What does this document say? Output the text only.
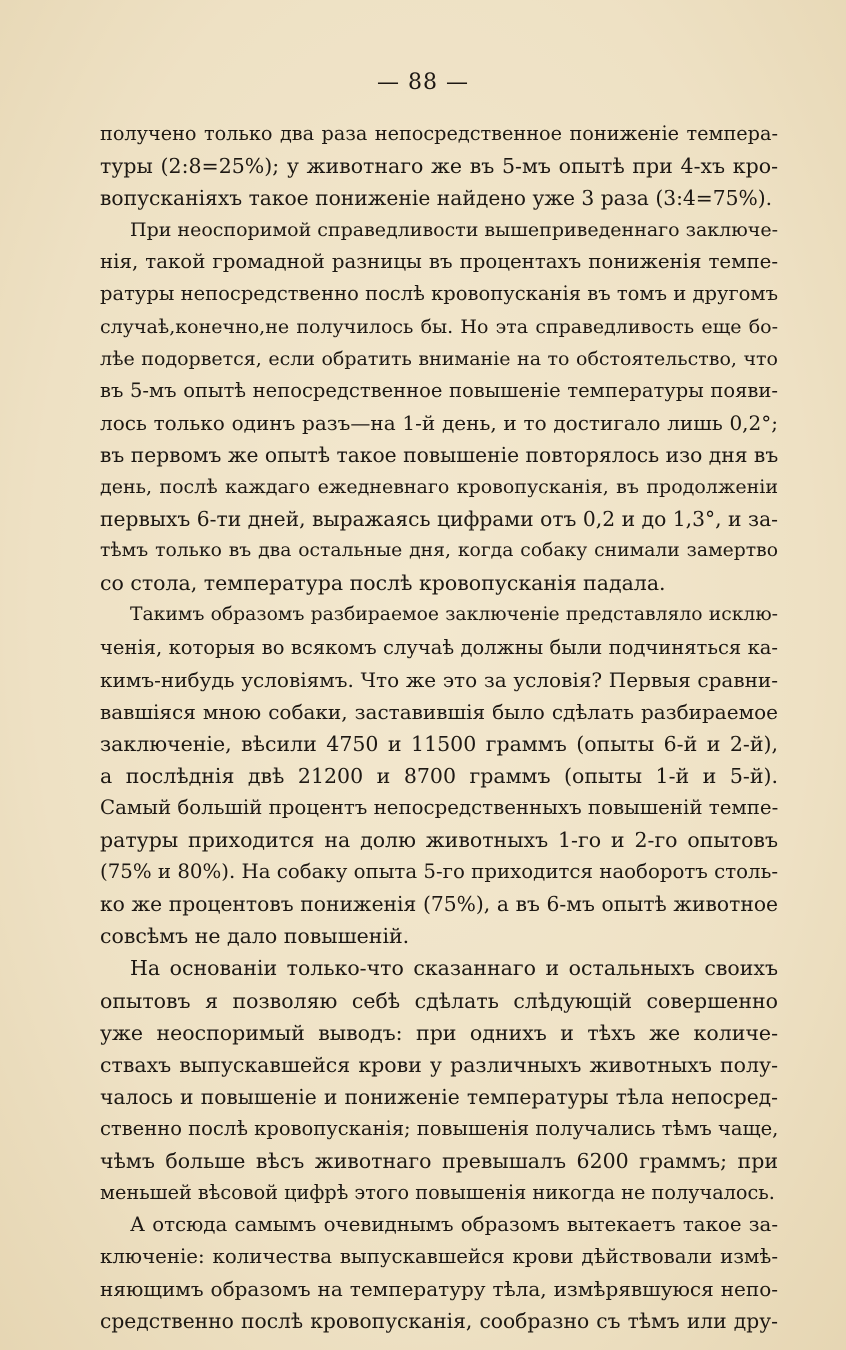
— 88 —
получено только два раза непосредственное пониженіе темпера-
туры (2:8=25%); у животнаго же въ 5-мъ опытѣ при 4-хъ кро-
вопусканіяхъ такое пониженіе найдено уже 3 раза (3:4=75%).
При неоспоримой справедливости вышеприведеннаго заключе-
нія, такой громадной разницы въ процентахъ пониженія темпе-
ратуры непосредственно послѣ кровопусканія въ томъ и другомъ
случаѣ,конечно,не получилось бы. Но эта справедливость еще бо-
лѣе подорвется, если обратить вниманіе на то обстоятельство, что
въ 5-мъ опытѣ непосредственное повышеніе температуры появи-
лось только одинъ разъ—на 1-й день, и то достигало лишь 0,2°;
въ первомъ же опытѣ такое повышеніе повторялось изо дня въ
день, послѣ каждаго ежедневнаго кровопусканія, въ продолженіи
первыхъ 6-ти дней, выражаясь цифрами отъ 0,2 и до 1,3°, и за-
тѣмъ только въ два остальные дня, когда собаку снимали замертво
со стола, температура послѣ кровопусканія падала.
Такимъ образомъ разбираемое заключеніе представляло исклю-
ченія, которыя во всякомъ случаѣ должны были подчиняться ка-
кимъ-нибудь условіямъ. Что же это за условія? Первыя сравни-
вавшіяся мною собаки, заставившія было сдѣлать разбираемое
заключеніе, вѣсили 4750 и 11500 граммъ (опыты 6-й и 2-й),
а послѣднія двѣ 21200 и 8700 граммъ (опыты 1-й и 5-й).
Самый большій процентъ непосредственныхъ повышеній темпе-
ратуры приходится на долю животныхъ 1-го и 2-го опытовъ
(75% и 80%). На собаку опыта 5-го приходится наоборотъ столь-
ко же процентовъ пониженія (75%), а въ 6-мъ опытѣ животное
совсѣмъ не дало повышеній.
На основаніи только-что сказаннаго и остальныхъ своихъ
опытовъ я позволяю себѣ сдѣлать слѣдующій совершенно
уже неоспоримый выводъ: при однихъ и тѣхъ же количе-
ствахъ выпускавшейся крови у различныхъ животныхъ полу-
чалось и повышеніе и пониженіе температуры тѣла непосред-
ственно послѣ кровопусканія; повышенія получались тѣмъ чаще,
чѣмъ больше вѣсъ животнаго превышалъ 6200 граммъ; при
меньшей вѣсовой цифрѣ этого повышенія никогда не получалось.
А отсюда самымъ очевиднымъ образомъ вытекаетъ такое за-
ключеніе: количества выпускавшейся крови дѣйствовали измѣ-
няющимъ образомъ на температуру тѣла, измѣрявшуюся непо-
средственно послѣ кровопусканія, сообразно съ тѣмъ или дру-
